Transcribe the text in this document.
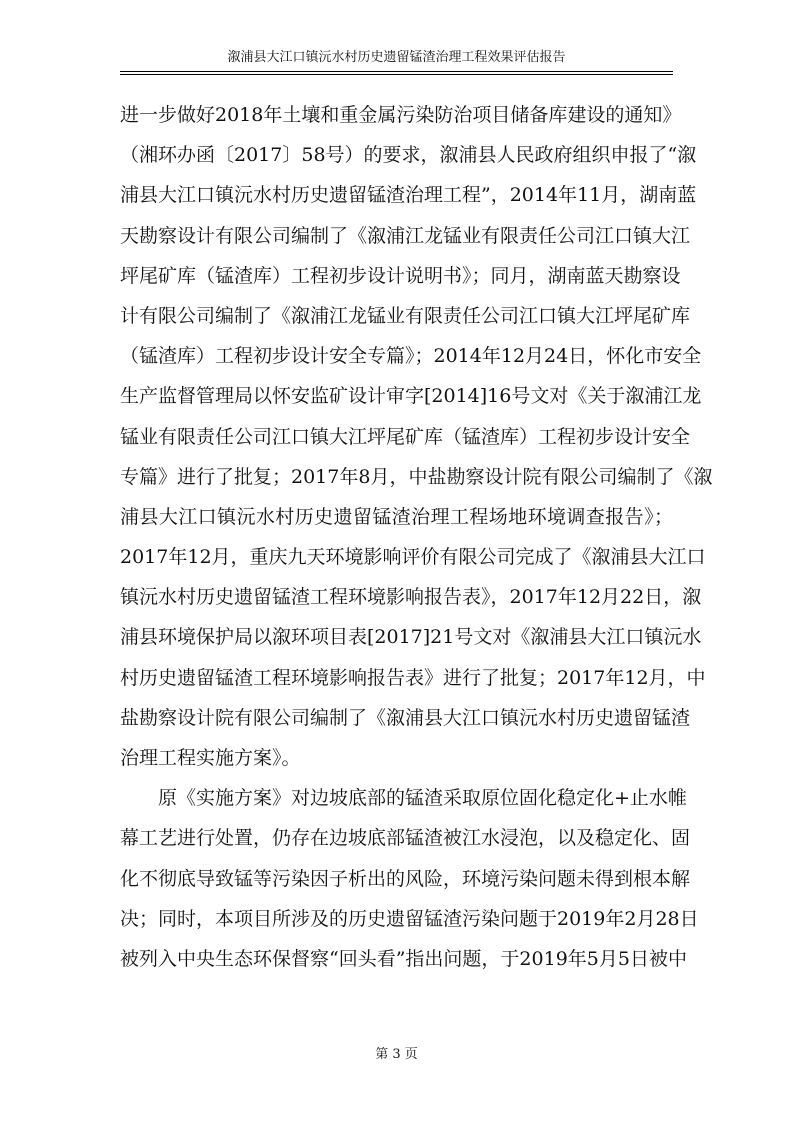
溆浦县大江口镇沅水村历史遗留锰渣治理工程效果评估报告
进一步做好2018年土壤和重金属污染防治项目储备库建设的通知》
（湘环办函〔2017〕58号）的要求，溆浦县人民政府组织申报了“溆
浦县大江口镇沅水村历史遗留锰渣治理工程”，2014年11月，湖南蓝
天勘察设计有限公司编制了《溆浦江龙锰业有限责任公司江口镇大江
坪尾矿库（锰渣库）工程初步设计说明书》；同月，湖南蓝天勘察设
计有限公司编制了《溆浦江龙锰业有限责任公司江口镇大江坪尾矿库
（锰渣库）工程初步设计安全专篇》；2014年12月24日，怀化市安全
生产监督管理局以怀安监矿设计审字[2014]16号文对《关于溆浦江龙
锰业有限责任公司江口镇大江坪尾矿库（锰渣库）工程初步设计安全
专篇》进行了批复；2017年8月，中盐勘察设计院有限公司编制了《溆
浦县大江口镇沅水村历史遗留锰渣治理工程场地环境调查报告》；
2017年12月，重庆九天环境影响评价有限公司完成了《溆浦县大江口
镇沅水村历史遗留锰渣工程环境影响报告表》，2017年12月22日，溆
浦县环境保护局以溆环项目表[2017]21号文对《溆浦县大江口镇沅水
村历史遗留锰渣工程环境影响报告表》进行了批复；2017年12月，中
盐勘察设计院有限公司编制了《溆浦县大江口镇沅水村历史遗留锰渣
治理工程实施方案》。
原《实施方案》对边坡底部的锰渣采取原位固化稳定化+止水帷
幕工艺进行处置，仍存在边坡底部锰渣被江水浸泡，以及稳定化、固
化不彻底导致锰等污染因子析出的风险，环境污染问题未得到根本解
决；同时，本项目所涉及的历史遗留锰渣污染问题于2019年2月28日
被列入中央生态环保督察“回头看”指出问题，于2019年5月5日被中
第 3 页
